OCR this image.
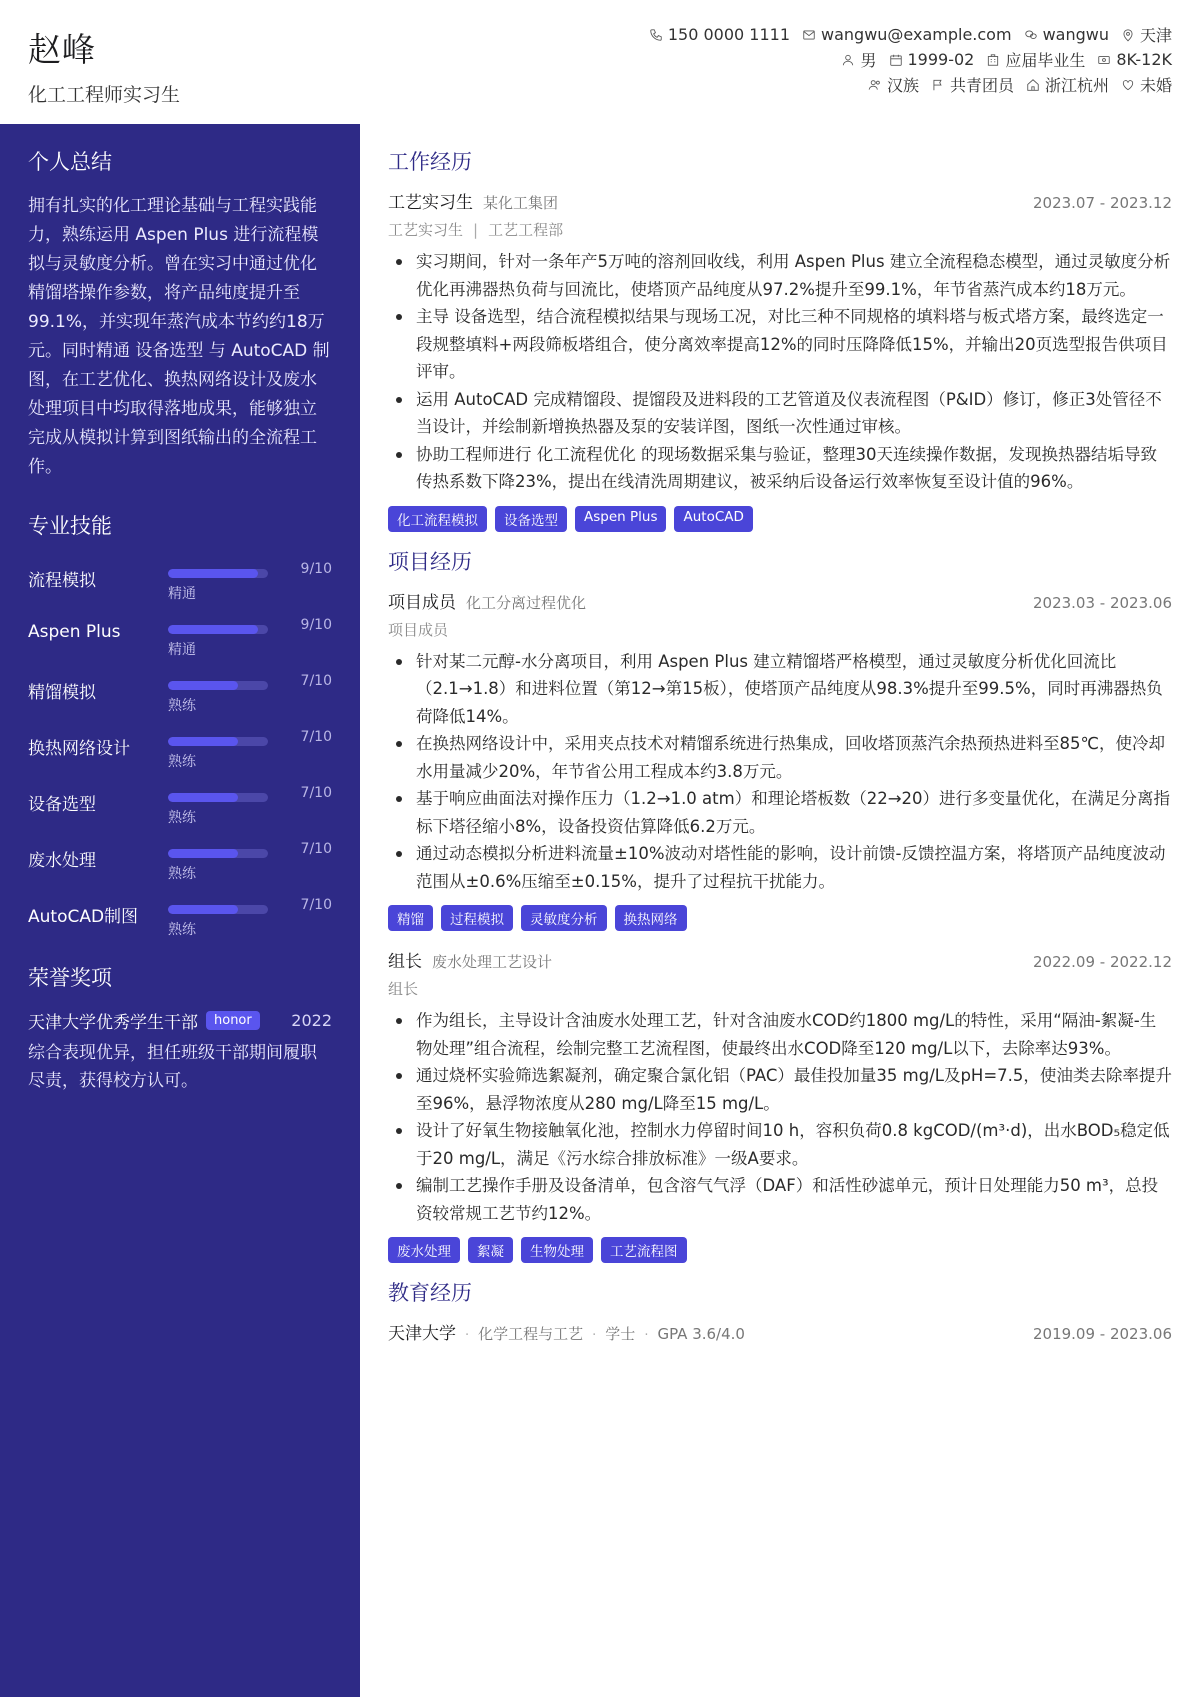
赵峰
化工工程师实习生
150 0000 1111 wangwu@example.com wangwu 天津
男 1999-02 应届毕业生 8K-12K
汉族 共青团员 浙江杭州 未婚
个人总结
拥有扎实的化工理论基础与工程实践能力，熟练运用 Aspen Plus 进行流程模拟与灵敏度分析。曾在实习中通过优化精馏塔操作参数，将产品纯度提升至99.1%，并实现年蒸汽成本节约约18万元。同时精通 设备选型 与 AutoCAD 制图，在工艺优化、换热网络设计及废水处理项目中均取得落地成果，能够独立完成从模拟计算到图纸输出的全流程工作。
专业技能
流程模拟
9/10
精通
Aspen Plus	9/10
精通
精馏模拟
7/10
熟练
换热网络设计
7/10
熟练
设备选型
7/10
熟练
废水处理
7/10
熟练
AutoCAD制图
7/10
熟练
荣誉奖项
天津大学优秀学生干部	honor	2022
综合表现优异，担任班级干部期间履职尽责，获得校方认可。
工作经历
工艺实习生 某化工集团	2023.07 - 2023.12
工艺实习生 | 工艺工程部
实习期间，针对一条年产5万吨的溶剂回收线，利用 Aspen Plus 建立全流程稳态模型，通过灵敏度分析优化再沸器热负荷与回流比，使塔顶产品纯度从97.2%提升至99.1%，年节省蒸汽成本约18万元。
主导 设备选型，结合流程模拟结果与现场工况，对比三种不同规格的填料塔与板式塔方案，最终选定一段规整填料+两段筛板塔组合，使分离效率提高12%的同时压降降低15%，并输出20页选型报告供项目评审。
运用 AutoCAD 完成精馏段、提馏段及进料段的工艺管道及仪表流程图（P&ID）修订，修正3处管径不当设计，并绘制新增换热器及泵的安装详图，图纸一次性通过审核。
协助工程师进行 化工流程优化 的现场数据采集与验证，整理30天连续操作数据，发现换热器结垢导致传热系数下降23%，提出在线清洗周期建议，被采纳后设备运行效率恢复至设计值的96%。
化工流程模拟	设备选型	Aspen Plus	AutoCAD
项目经历
项目成员 化工分离过程优化	2023.03 - 2023.06
项目成员
针对某二元醇-水分离项目，利用 Aspen Plus 建立精馏塔严格模型，通过灵敏度分析优化回流比（2.1→1.8）和进料位置（第12→第15板），使塔顶产品纯度从98.3%提升至99.5%，同时再沸器热负荷降低14%。
在换热网络设计中，采用夹点技术对精馏系统进行热集成，回收塔顶蒸汽余热预热进料至85℃，使冷却水用量减少20%，年节省公用工程成本约3.8万元。
基于响应曲面法对操作压力（1.2→1.0 atm）和理论塔板数（22→20）进行多变量优化，在满足分离指标下塔径缩小8%，设备投资估算降低6.2万元。
通过动态模拟分析进料流量±10%波动对塔性能的影响，设计前馈-反馈控温方案，将塔顶产品纯度波动范围从±0.6%压缩至±0.15%，提升了过程抗干扰能力。
精馏	过程模拟	灵敏度分析	换热网络
组长 废水处理工艺设计	2022.09 - 2022.12
组长
作为组长，主导设计含油废水处理工艺，针对含油废水COD约1800 mg/L的特性，采用“隔油-絮凝-生物处理”组合流程，绘制完整工艺流程图，使最终出水COD降至120 mg/L以下，去除率达93%。
通过烧杯实验筛选絮凝剂，确定聚合氯化铝（PAC）最佳投加量35 mg/L及pH=7.5，使油类去除率提升至96%，悬浮物浓度从280 mg/L降至15 mg/L。
设计了好氧生物接触氧化池，控制水力停留时间10 h，容积负荷0.8 kgCOD/(m³·d)，出水BOD₅稳定低于20 mg/L，满足《污水综合排放标准》一级A要求。
编制工艺操作手册及设备清单，包含溶气气浮（DAF）和活性砂滤单元，预计日处理能力50 m³，总投资较常规工艺节约12%。
废水处理	絮凝	生物处理	工艺流程图
教育经历
天津大学 · 化学工程与工艺 · 学士 · GPA 3.6/4.0	2019.09 - 2023.06
